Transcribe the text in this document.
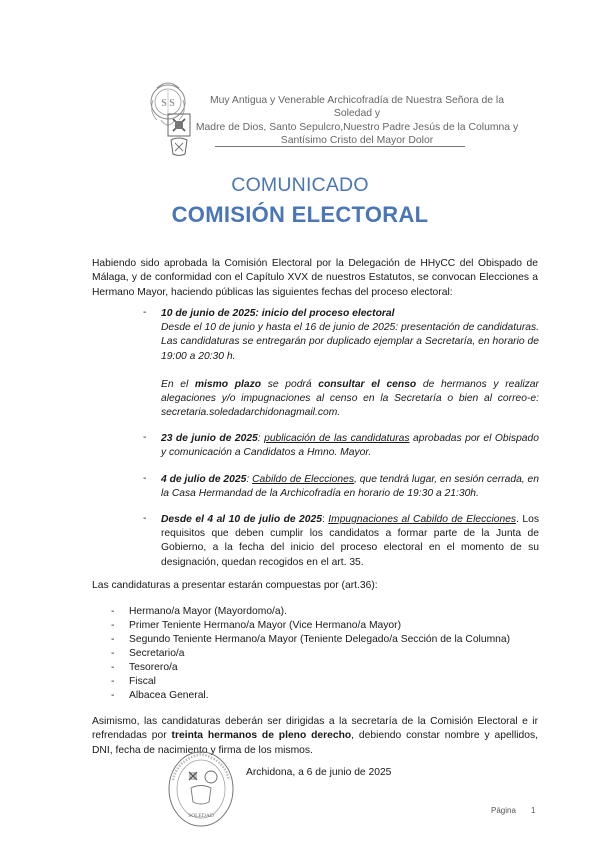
S S	Muy Antigua y Venerable Archicofradía de Nuestra Señora de la Soledad y
Madre de Dios, Santo Sepulcro,Nuestro Padre Jesús de la Columna y
Santísimo Cristo del Mayor Dolor
COMUNICADO
COMISIÓN ELECTORAL
Habiendo sido aprobada la Comisión Electoral por la Delegación de HHyCC del Obispado de Málaga, y de conformidad con el Capítulo XVX de nuestros Estatutos, se convocan Elecciones a Hermano Mayor, haciendo públicas las siguientes fechas del proceso electoral:
- 10 de junio de 2025: inicio del proceso electoral
Desde el 10 de junio y hasta el 16 de junio de 2025: presentación de candidaturas. Las candidaturas se entregarán por duplicado ejemplar a Secretaría, en horario de 19:00 a 20:30 h.
En el mismo plazo se podrá consultar el censo de hermanos y realizar alegaciones y/o impugnaciones al censo en la Secretaría o bien al correo-e: secretaria.soledadarchidonagmail.com.
- 23 de junio de 2025: publicación de las candidaturas aprobadas por el Obispado y comunicación a Candidatos a Hmno. Mayor.
- 4 de julio de 2025: Cabildo de Elecciones, que tendrá lugar, en sesión cerrada, en la Casa Hermandad de la Archicofradía en horario de 19:30 a 21:30h.
- Desde el 4 al 10 de julio de 2025: Impugnaciones al Cabildo de Elecciones. Los requisitos que deben cumplir los candidatos a formar parte de la Junta de Gobierno, a la fecha del inicio del proceso electoral en el momento de su designación, quedan recogidos en el art. 35.
Las candidaturas a presentar estarán compuestas por (art.36):
- Hermano/a Mayor (Mayordomo/a).
- Primer Teniente Hermano/a Mayor (Vice Hermano/a Mayor)
- Segundo Teniente Hermano/a Mayor (Teniente Delegado/a Sección de la Columna)
- Secretario/a
- Tesorero/a
- Fiscal
- Albacea General.
Asimismo, las candidaturas deberán ser dirigidas a la secretaría de la Comisión Electoral e ir refrendadas por treinta hermanos de pleno derecho, debiendo constar nombre y apellidos, DNI, fecha de nacimiento y firma de los mismos.
SOLEDAD
Archidona, a 6 de junio de 2025
Página 1
